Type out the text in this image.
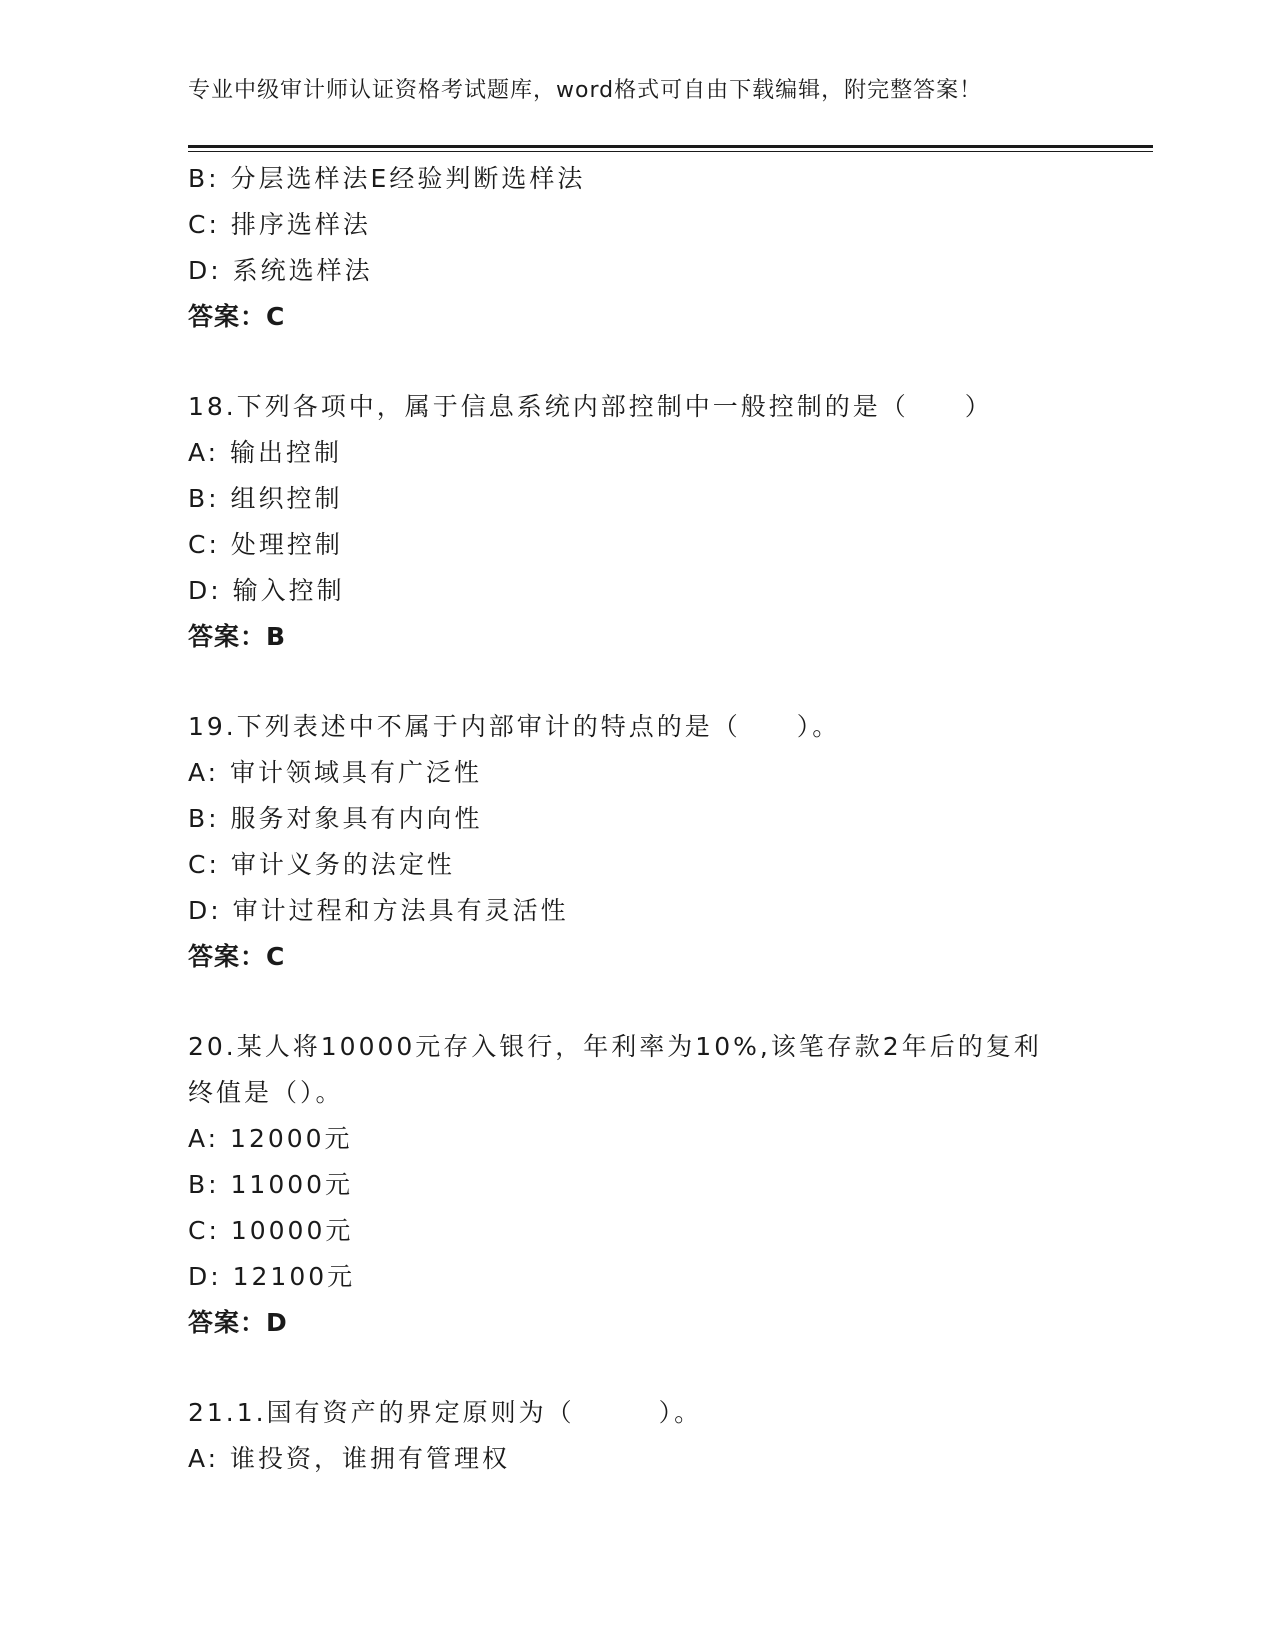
专业中级审计师认证资格考试题库，word格式可自由下载编辑，附完整答案！

B: 分层选样法E经验判断选样法

C: 排序选样法

D: 系统选样法

答案：C

18.下列各项中，属于信息系统内部控制中一般控制的是（　　）

A: 输出控制

B: 组织控制

C: 处理控制

D: 输入控制

答案：B

19.下列表述中不属于内部审计的特点的是（　　）。

A: 审计领域具有广泛性

B: 服务对象具有内向性

C: 审计义务的法定性

D: 审计过程和方法具有灵活性

答案：C

20.某人将10000元存入银行，年利率为10%,该笔存款2年后的复利终值是（）。

A: 12000元

B: 11000元

C: 10000元

D: 12100元

答案：D

21.1.国有资产的界定原则为（　　　）。

A: 谁投资，谁拥有管理权
